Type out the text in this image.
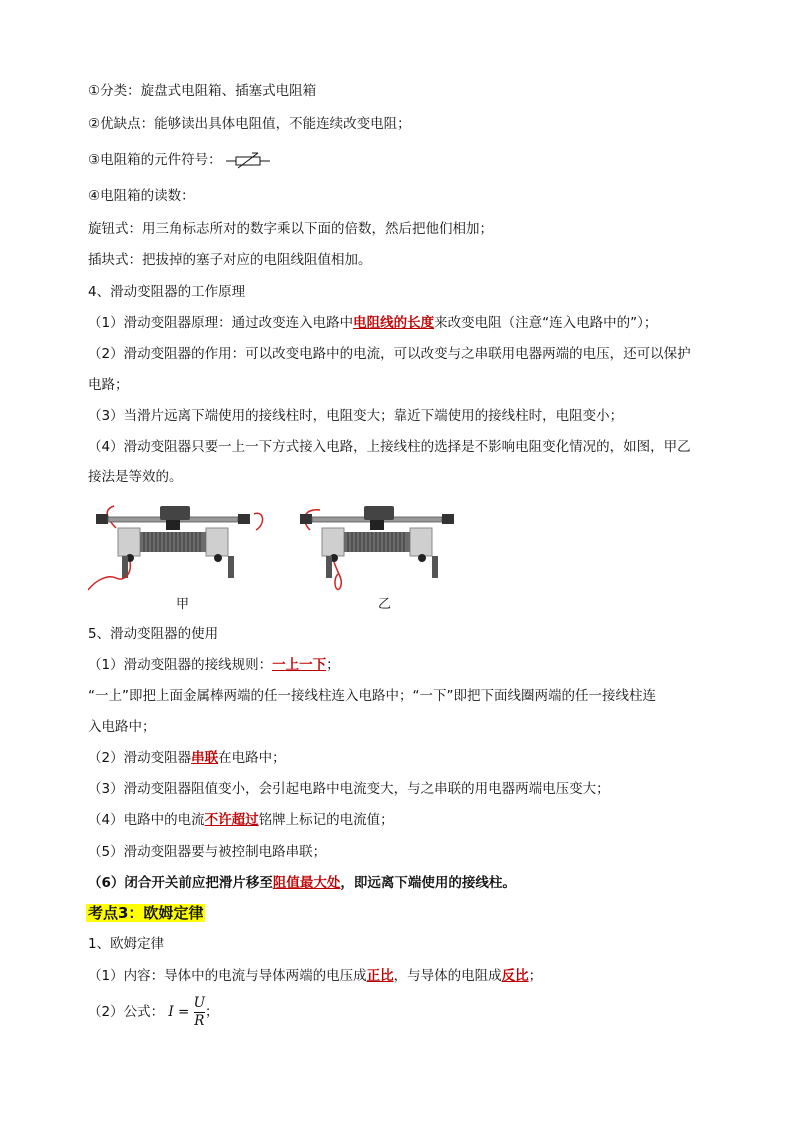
①分类：旋盘式电阻箱、插塞式电阻箱
②优缺点：能够读出具体电阻值，不能连续改变电阻；
③电阻箱的元件符号：
④电阻箱的读数：
旋钮式：用三角标志所对的数字乘以下面的倍数，然后把他们相加；
插块式：把拔掉的塞子对应的电阻线阻值相加。
4、滑动变阻器的工作原理
（1）滑动变阻器原理：通过改变连入电路中电阻线的长度来改变电阻（注意“连入电路中的”）；
（2）滑动变阻器的作用：可以改变电路中的电流，可以改变与之串联用电器两端的电压，还可以保护
电路；
（3）当滑片远离下端使用的接线柱时，电阻变大；靠近下端使用的接线柱时，电阻变小；
（4）滑动变阻器只要一上一下方式接入电路，上接线柱的选择是不影响电阻变化情况的，如图，甲乙
接法是等效的。
甲	乙
5、滑动变阻器的使用
（1）滑动变阻器的接线规则：一上一下；
“一上”即把上面金属棒两端的任一接线柱连入电路中；“一下”即把下面线圈两端的任一接线柱连
入电路中；
（2）滑动变阻器串联在电路中；
（3）滑动变阻器阻值变小，会引起电路中电流变大，与之串联的用电器两端电压变大；
（4）电路中的电流不许超过铭牌上标记的电流值；
（5）滑动变阻器要与被控制电路串联；
（6）闭合开关前应把滑片移至阻值最大处，即远离下端使用的接线柱。
考点3：欧姆定律
1、欧姆定律
（1）内容：导体中的电流与导体两端的电压成正比，与导体的电阻成反比；
（2）公式： $I = \frac{U}{R}$ ；
